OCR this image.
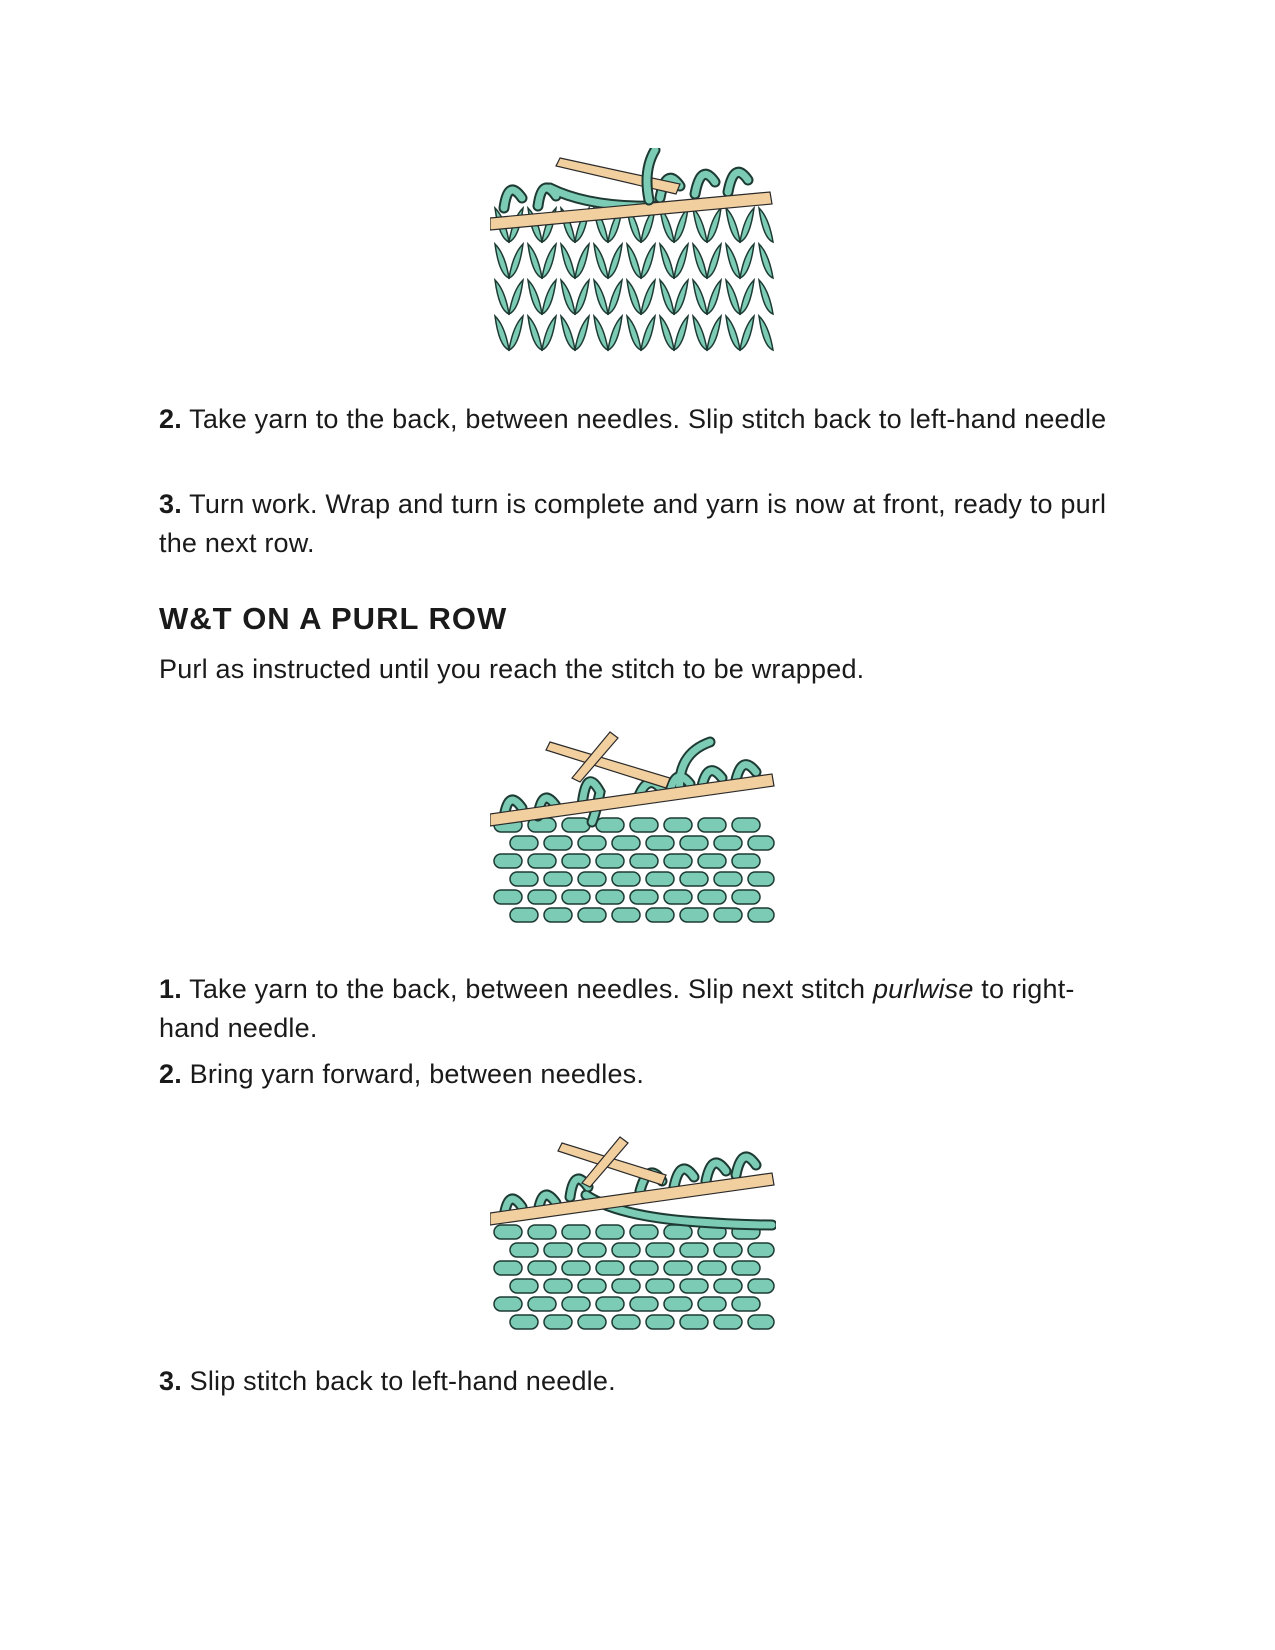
2. Take yarn to the back, between needles. Slip stitch back to left-hand needle

3. Turn work. Wrap and turn is complete and yarn is now at front, ready to purl the next row.

W&T ON A PURL ROW

Purl as instructed until you reach the stitch to be wrapped.

1. Take yarn to the back, between needles. Slip next stitch purlwise to right-hand needle.

2. Bring yarn forward, between needles.

3. Slip stitch back to left-hand needle.
